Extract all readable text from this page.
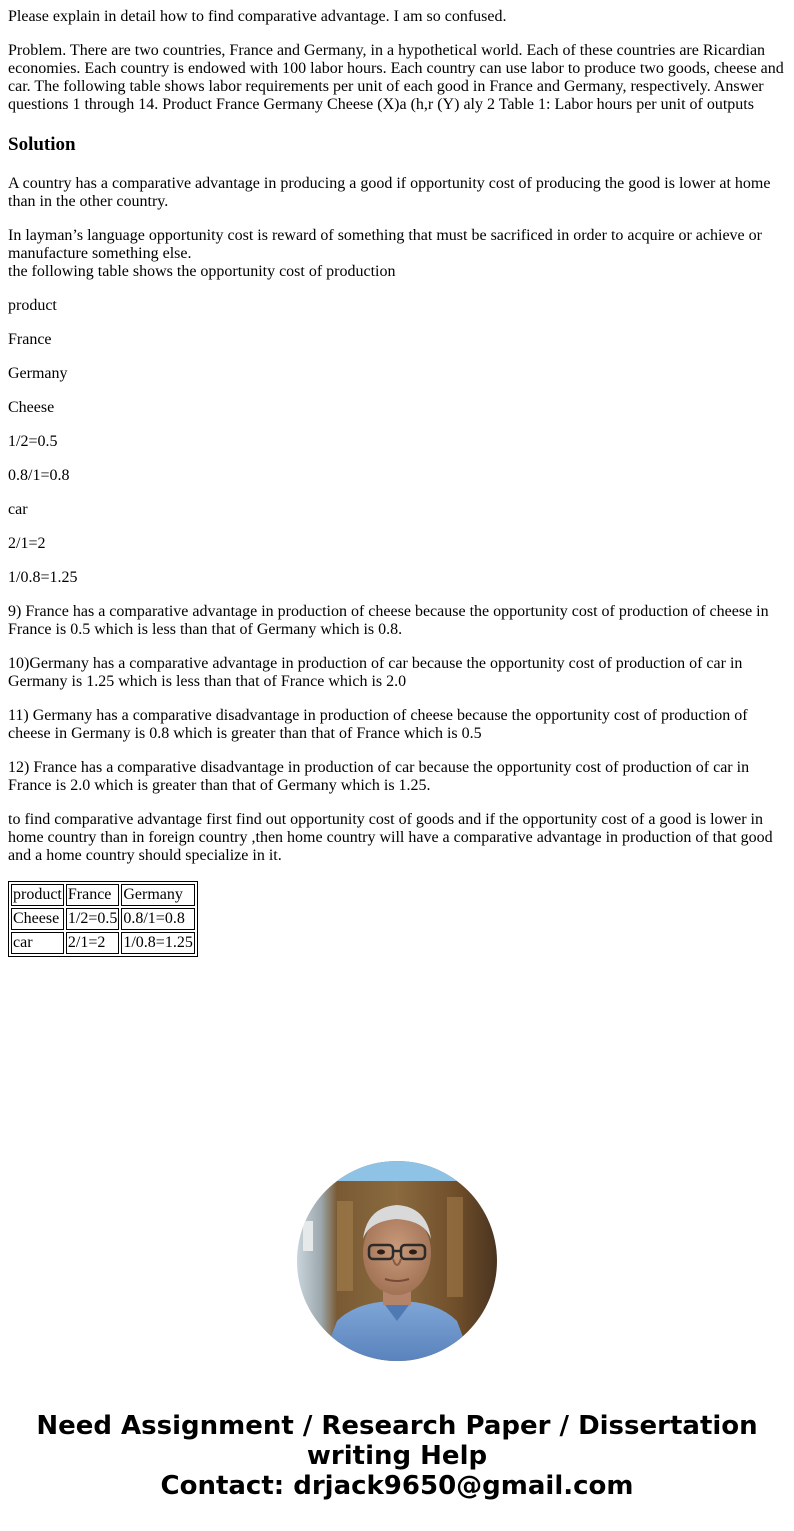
Please explain in detail how to find comparative advantage. I am so confused.

Problem. There are two countries, France and Germany, in a hypothetical world. Each of these countries are Ricardian economies. Each country is endowed with 100 labor hours. Each country can use labor to produce two goods, cheese and car. The following table shows labor requirements per unit of each good in France and Germany, respectively. Answer questions 1 through 14. Product France Germany Cheese (X)a (h,r (Y) aly 2 Table 1: Labor hours per unit of outputs

Solution

A country has a comparative advantage in producing a good if opportunity cost of producing the good is lower at home than in the other country.

In layman’s language opportunity cost is reward of something that must be sacrificed in order to acquire or achieve or manufacture something else.
the following table shows the opportunity cost of production

product

France

Germany

Cheese

1/2=0.5

0.8/1=0.8

car

2/1=2

1/0.8=1.25

9) France has a comparative advantage in production of cheese because the opportunity cost of production of cheese in France is 0.5 which is less than that of Germany which is 0.8.

10)Germany has a comparative advantage in production of car because the opportunity cost of production of car in Germany is 1.25 which is less than that of France which is 2.0

11) Germany has a comparative disadvantage in production of cheese because the opportunity cost of production of cheese in Germany is 0.8 which is greater than that of France which is 0.5

12) France has a comparative disadvantage in production of car because the opportunity cost of production of car in France is 2.0 which is greater than that of Germany which is 1.25.

to find comparative advantage first find out opportunity cost of goods and if the opportunity cost of a good is lower in home country than in foreign country ,then home country will have a comparative advantage in production of that good and a home country should specialize in it.

product	France	Germany
Cheese	1/2=0.5	0.8/1=0.8
car	2/1=2	1/0.8=1.25
Need Assignment / Research Paper / Dissertation
writing Help
Contact: drjack9650@gmail.com
